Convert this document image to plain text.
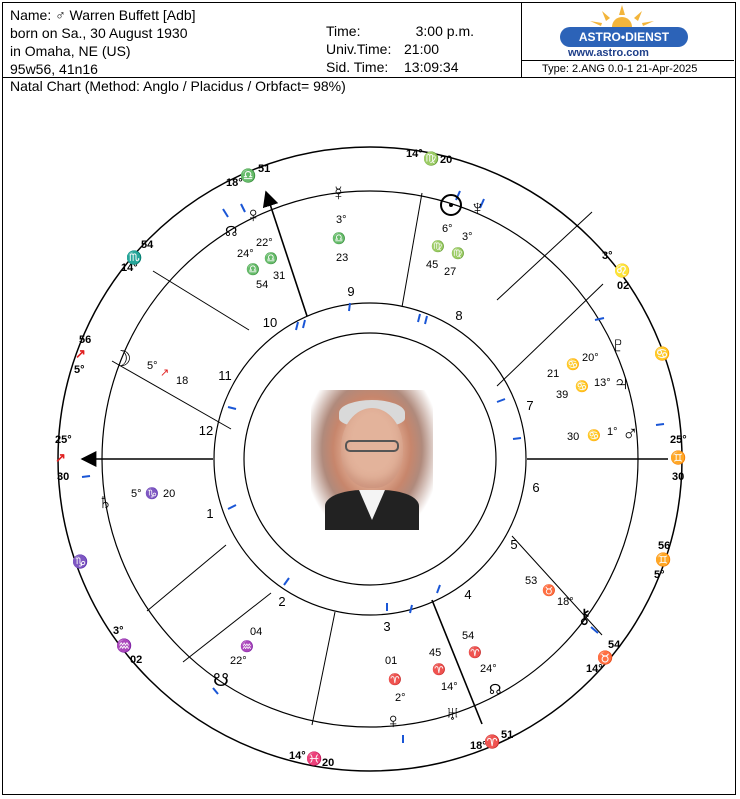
Name: ♂ Warren Buffett [Adb]
born on Sa., 30 August 1930
in Omaha, NE (US)
95w56, 41n16
Time:	3:00 p.m.
Univ.Time: 21:00
Sid. Time:	13:09:34
ASTRO•DIENST
www.astro.com
Type: 2.ANG 0.0-1 21-Apr-2025
Natal Chart (Method: Anglo / Placidus / Orbfact= 98%)
1
2
3
4
5
6
7
8
9
10
11
12
25°
30
25°
30
18°
51
18°
51
14°
54
5°
56
14° 20
3°
02
14°
54
5°
56
3°
02
14°
20
↗	♊
♎
♈
♏
↗
♍
♌
♉
♊
♒
♓
♑
♋
☿
3°
♎
23
♀
☊
22°
24° ♎
♎ 31
54
♆
6°
3°
♍
♍
45
27
♇
♃
20°
♋
21
13°
♋
39
♂
1°
♋
30
☽ 5°
↗
18
♄ 5° ♑ 20
⚷
53
♉
18°
04
♒
22°
☋
01
♈
2°
♀
45
♈
14°
♅
54
♈
24°
☊
